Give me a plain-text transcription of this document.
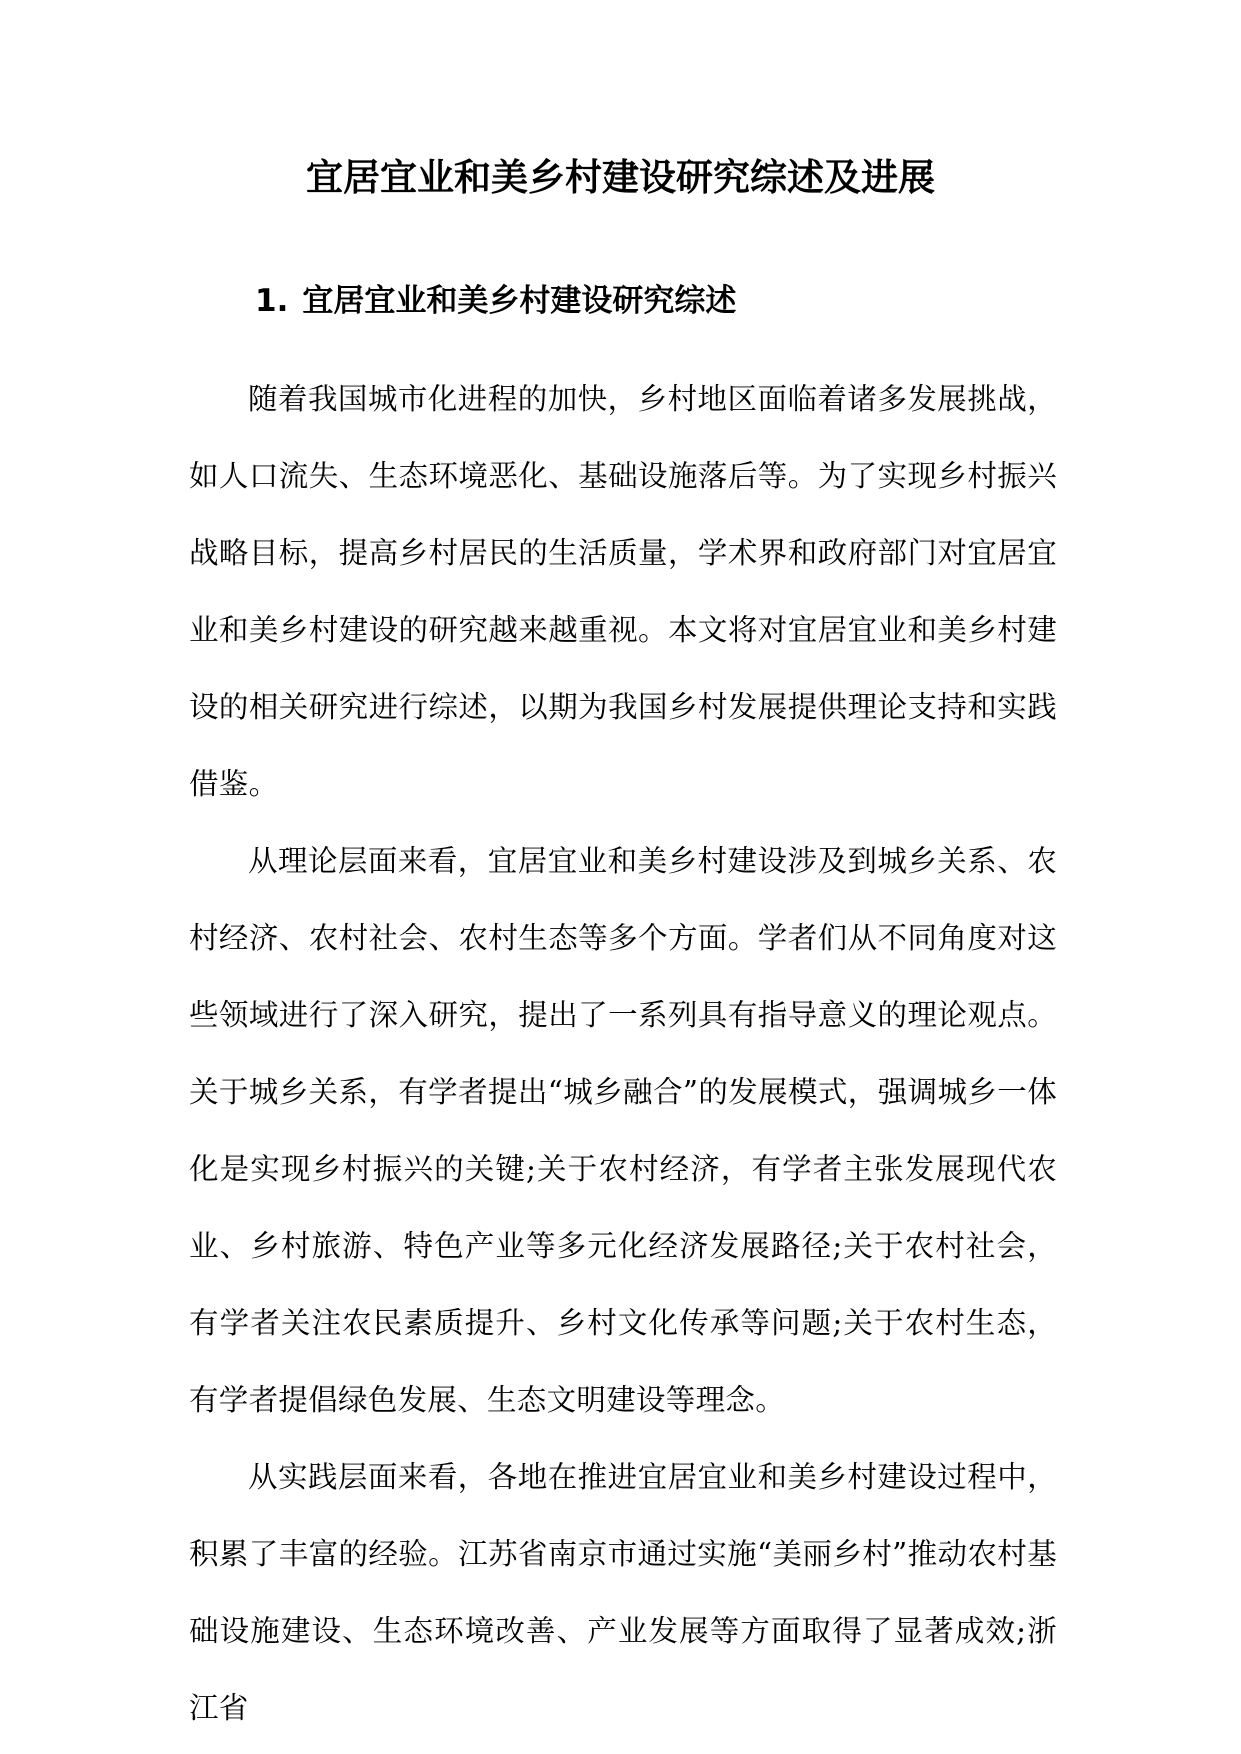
宜居宜业和美乡村建设研究综述及进展
1. 宜居宜业和美乡村建设研究综述

随着我国城市化进程的加快，乡村地区面临着诸多发展挑战，如人口流失、生态环境恶化、基础设施落后等。为了实现乡村振兴战略目标，提高乡村居民的生活质量，学术界和政府部门对宜居宜业和美乡村建设的研究越来越重视。本文将对宜居宜业和美乡村建设的相关研究进行综述，以期为我国乡村发展提供理论支持和实践借鉴。

从理论层面来看，宜居宜业和美乡村建设涉及到城乡关系、农村经济、农村社会、农村生态等多个方面。学者们从不同角度对这些领域进行了深入研究，提出了一系列具有指导意义的理论观点。关于城乡关系，有学者提出“城乡融合”的发展模式，强调城乡一体化是实现乡村振兴的关键;关于农村经济，有学者主张发展现代农业、乡村旅游、特色产业等多元化经济发展路径;关于农村社会，有学者关注农民素质提升、乡村文化传承等问题;关于农村生态，有学者提倡绿色发展、生态文明建设等理念。

从实践层面来看，各地在推进宜居宜业和美乡村建设过程中，积累了丰富的经验。江苏省南京市通过实施“美丽乡村”推动农村基础设施建设、生态环境改善、产业发展等方面取得了显著成效;浙江省
